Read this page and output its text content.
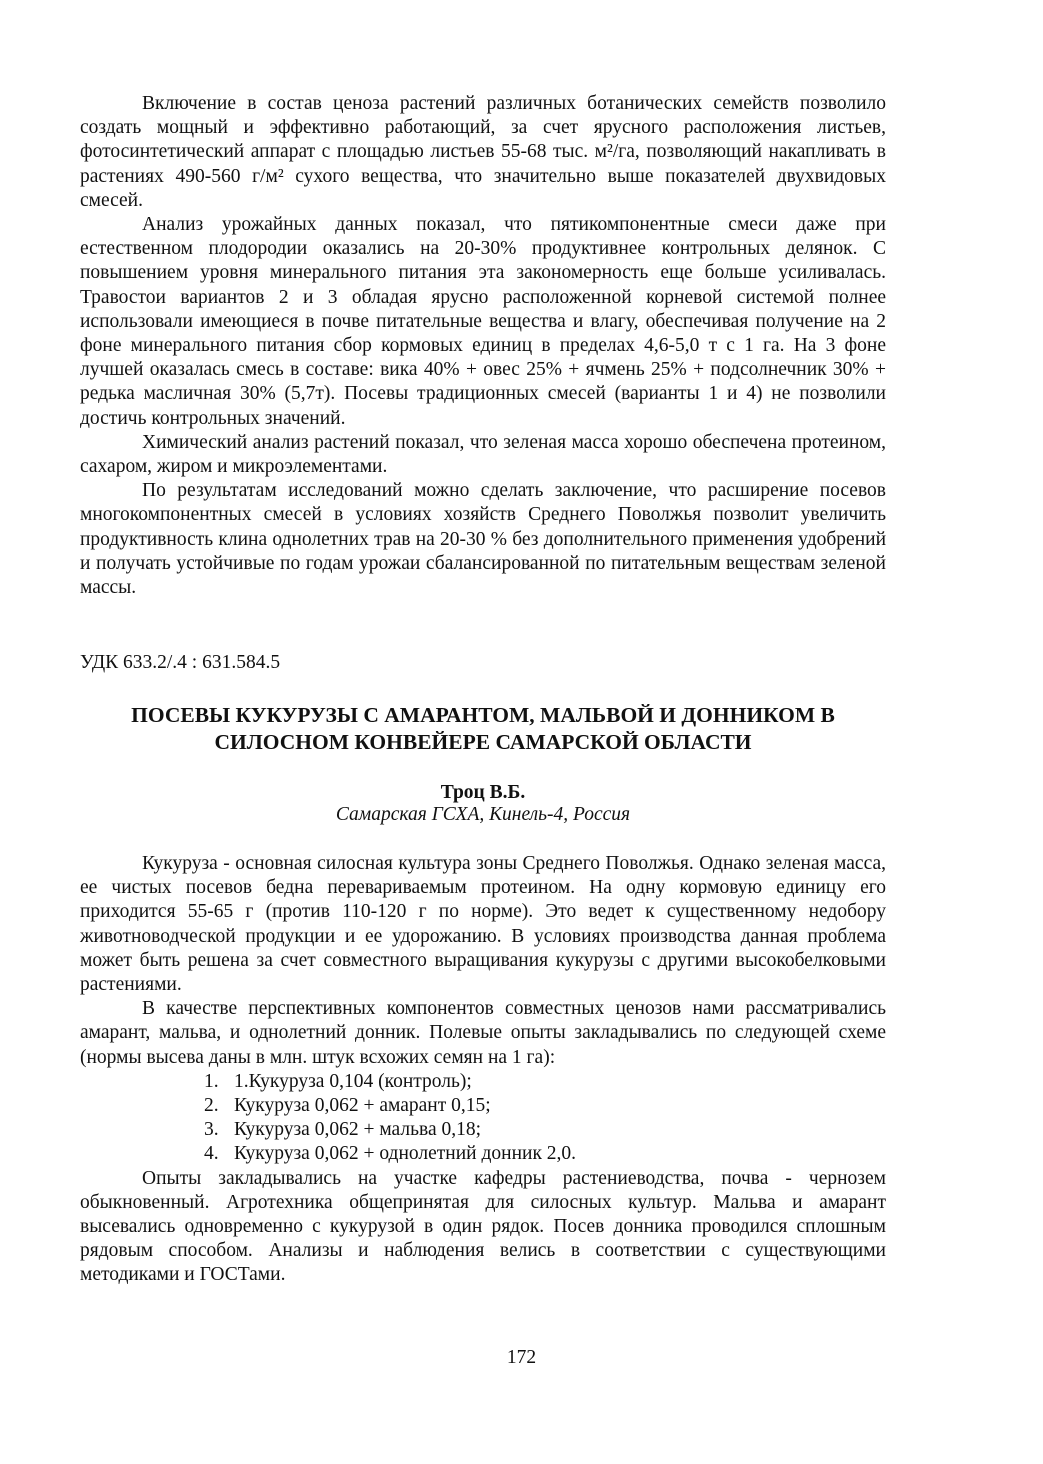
Включение в состав ценоза растений различных ботанических семейств позволило создать мощный и эффективно работающий, за счет ярусного расположения листьев, фотосинтетический аппарат с площадью листьев 55-68 тыс. м²/га, позволяющий накапливать в растениях 490-560 г/м² сухого вещества, что значительно выше показателей двухвидовых смесей.

Анализ урожайных данных показал, что пятикомпонентные смеси даже при естественном плодородии оказались на 20-30% продуктивнее контрольных делянок. С повышением уровня минерального питания эта закономерность еще больше усиливалась. Травостои вариантов 2 и 3 обладая ярусно расположенной корневой системой полнее использовали имеющиеся в почве питательные вещества и влагу, обеспечивая получение на 2 фоне минерального питания сбор кормовых единиц в пределах 4,6-5,0 т с 1 га. На 3 фоне лучшей оказалась смесь в составе: вика 40% + овес 25% + ячмень 25% + подсолнечник 30% + редька масличная 30% (5,7т). Посевы традиционных смесей (варианты 1 и 4) не позволили достичь контрольных значений.

Химический анализ растений показал, что зеленая масса хорошо обеспечена протеином, сахаром, жиром и микроэлементами.

По результатам исследований можно сделать заключение, что расширение посевов многокомпонентных смесей в условиях хозяйств Среднего Поволжья позволит увеличить продуктивность клина однолетних трав на 20-30 % без дополнительного применения удобрений и получать устойчивые по годам урожаи сбалансированной по питательным веществам зеленой массы.

УДК 633.2/.4 : 631.584.5

ПОСЕВЫ КУКУРУЗЫ С АМАРАНТОМ, МАЛЬВОЙ И ДОННИКОМ В СИЛОСНОМ КОНВЕЙЕРЕ САМАРСКОЙ ОБЛАСТИ

Троц В.Б.

Самарская ГСХА, Кинель-4, Россия

Кукуруза - основная силосная культура зоны Среднего Поволжья. Однако зеленая масса, ее чистых посевов бедна перевариваемым протеином. На одну кормовую единицу его приходится 55-65 г (против 110-120 г по норме). Это ведет к существенному недобору животноводческой продукции и ее удорожанию. В условиях производства данная проблема может быть решена за счет совместного выращивания кукурузы с другими высокобелковыми растениями.

В качестве перспективных компонентов совместных ценозов нами рассматривались амарант, мальва, и однолетний донник. Полевые опыты закладывались по следующей схеме (нормы высева даны в млн. штук всхожих семян на 1 га):

1. 1.Кукуруза 0,104 (контроль);
2. Кукуруза 0,062 + амарант 0,15;
3. Кукуруза 0,062 + мальва 0,18;
4. Кукуруза 0,062 + однолетний донник 2,0.

Опыты закладывались на участке кафедры растениеводства, почва - чернозем обыкновенный. Агротехника общепринятая для силосных культур. Мальва и амарант высевались одновременно с кукурузой в один рядок. Посев донника проводился сплошным рядовым способом. Анализы и наблюдения велись в соответствии с существующими методиками и ГОСТами.

172
